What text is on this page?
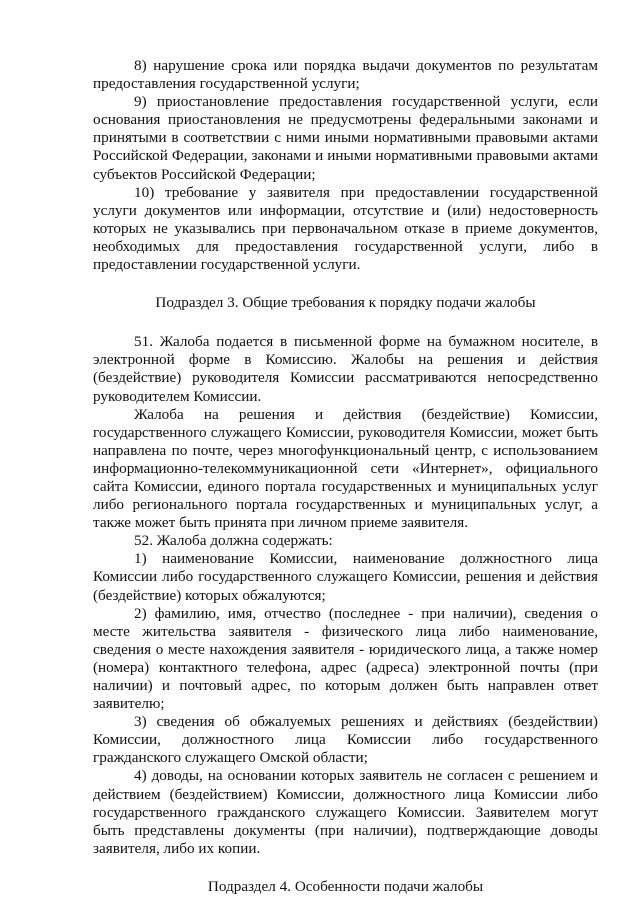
8) нарушение срока или порядка выдачи документов по результатам предоставления государственной услуги;

9) приостановление предоставления государственной услуги, если основания приостановления не предусмотрены федеральными законами и принятыми в соответствии с ними иными нормативными правовыми актами Российской Федерации, законами и иными нормативными правовыми актами субъектов Российской Федерации;

10) требование у заявителя при предоставлении государственной услуги документов или информации, отсутствие и (или) недостоверность которых не указывались при первоначальном отказе в приеме документов, необходимых для предоставления государственной услуги, либо в предоставлении государственной услуги.

Подраздел 3. Общие требования к порядку подачи жалобы

51. Жалоба подается в письменной форме на бумажном носителе, в электронной форме в Комиссию. Жалобы на решения и действия (бездействие) руководителя Комиссии рассматриваются непосредственно руководителем Комиссии.

Жалоба на решения и действия (бездействие) Комиссии, государственного служащего Комиссии, руководителя Комиссии, может быть направлена по почте, через многофункциональный центр, с использованием информационно-телекоммуникационной сети «Интернет», официального сайта Комиссии, единого портала государственных и муниципальных услуг либо регионального портала государственных и муниципальных услуг, а также может быть принята при личном приеме заявителя.

52. Жалоба должна содержать:

1) наименование Комиссии, наименование должностного лица Комиссии либо государственного служащего Комиссии, решения и действия (бездействие) которых обжалуются;

2) фамилию, имя, отчество (последнее - при наличии), сведения о месте жительства заявителя - физического лица либо наименование, сведения о месте нахождения заявителя - юридического лица, а также номер (номера) контактного телефона, адрес (адреса) электронной почты (при наличии) и почтовый адрес, по которым должен быть направлен ответ заявителю;

3) сведения об обжалуемых решениях и действиях (бездействии) Комиссии, должностного лица Комиссии либо государственного гражданского служащего Омской области;

4) доводы, на основании которых заявитель не согласен с решением и действием (бездействием) Комиссии, должностного лица Комиссии либо государственного гражданского служащего Комиссии. Заявителем могут быть представлены документы (при наличии), подтверждающие доводы заявителя, либо их копии.

Подраздел 4. Особенности подачи жалобы
